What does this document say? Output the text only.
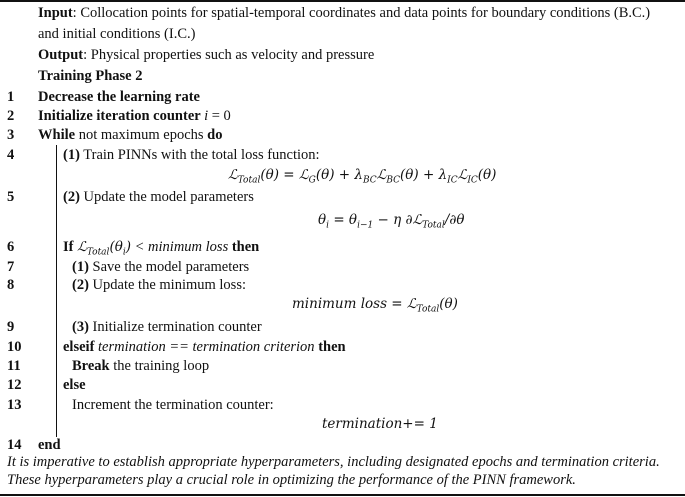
Input: Collocation points for spatial-temporal coordinates and data points for boundary conditions (B.C.)
and initial conditions (I.C.)
Output: Physical properties such as velocity and pressure
Training Phase 2
1 Decrease the learning rate
2 Initialize iteration counter i = 0
3 While not maximum epochs do
4	(1) Train PINNs with the total loss function:
ℒ$_{Total}$(θ) = ℒ$_G$(θ) + $\lambda_{BC}ℒ_{BC}(\theta)$ + $\lambda_{IC}ℒ_{IC}(\theta)$
5	(2) Update the model parameters
$\theta_i = \theta_{i-1} - \eta$ ∂ℒ$_{Total}$/∂θ
6	If $ℒ_{Total}(\theta_i)$ < minimum loss then
7	(1) Save the model parameters
8	(2) Update the minimum loss:
minimum loss = ℒ$_{Total}$(θ)
9	(3) Initialize termination counter
10	elseif termination == termination criterion then
11	Break the training loop
12	else
13	Increment the termination counter:
termination+= 1
14 end
It is imperative to establish appropriate hyperparameters, including designated epochs and termination criteria.
These hyperparameters play a crucial role in optimizing the performance of the PINN framework.
